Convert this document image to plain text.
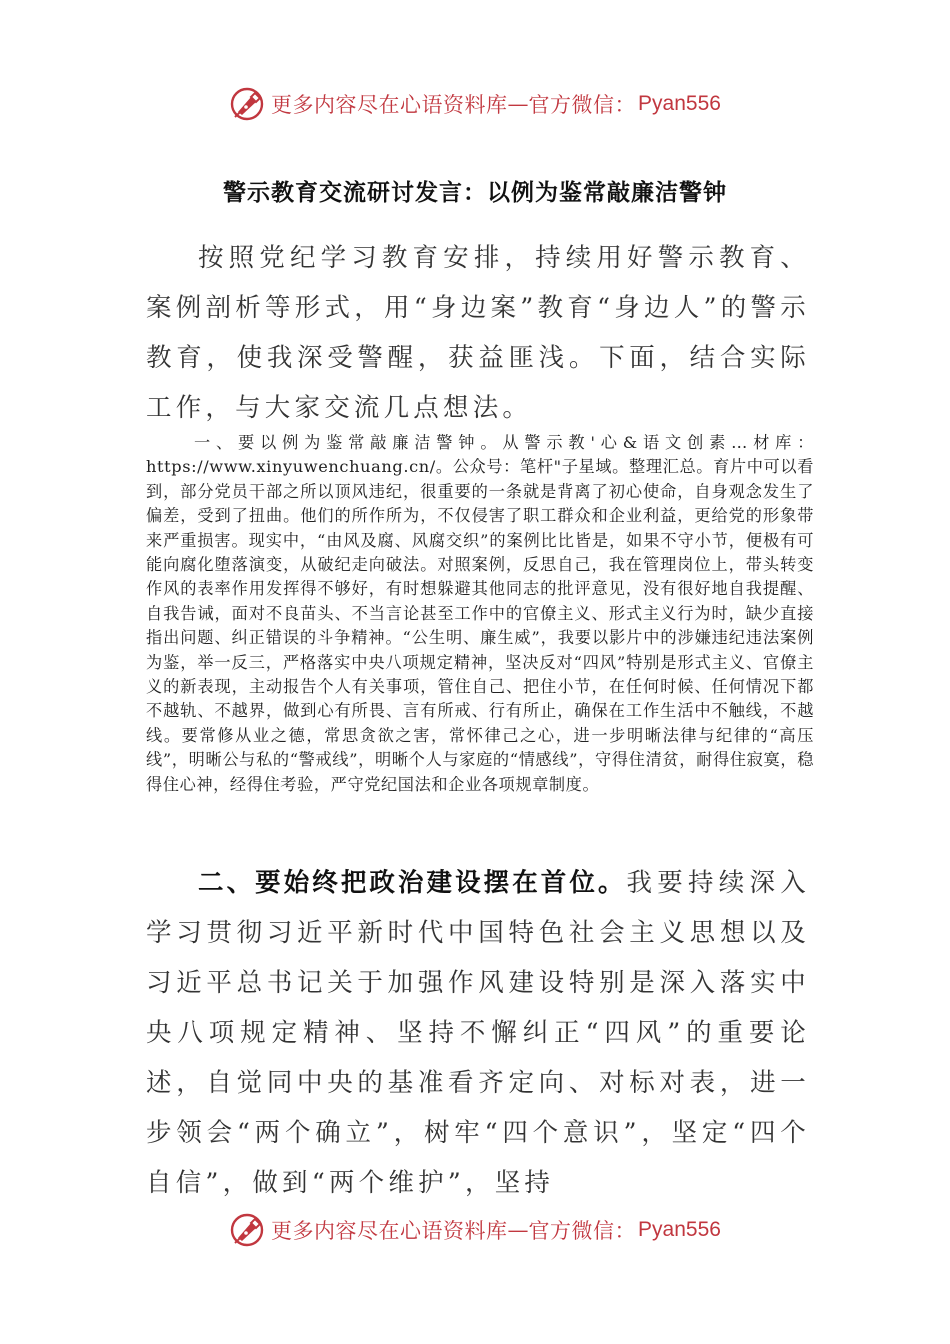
更多内容尽在心语资料库 — 官方微信： Pyan556
警示教育交流研讨发言：以例为鉴常敲廉洁警钟
按照党纪学习教育安排，持续用好警示教育、案例剖析等形式，用“身边案”教育“身边人”的警示教育，使我深受警醒，获益匪浅。下面，结合实际工作，与大家交流几点想法。
一、要以例为鉴常敲廉洁警钟。从警示教'心&语文创素…材库：https://www.xinyuwenchuang.cn/。公众号：笔杆"子星域。整理汇总。育片中可以看到，部分党员干部之所以顶风违纪，很重要的一条就是背离了初心使命，自身观念发生了偏差，受到了扭曲。他们的所作所为，不仅侵害了职工群众和企业利益，更给党的形象带来严重损害。现实中，“由风及腐、风腐交织”的案例比比皆是，如果不守小节，便极有可能向腐化堕落演变，从破纪走向破法。对照案例，反思自己，我在管理岗位上，带头转变作风的表率作用发挥得不够好，有时想躲避其他同志的批评意见，没有很好地自我提醒、自我告诫，面对不良苗头、不当言论甚至工作中的官僚主义、形式主义行为时，缺少直接指出问题、纠正错误的斗争精神。“公生明、廉生威”，我要以影片中的涉嫌违纪违法案例为鉴，举一反三，严格落实中央八项规定精神，坚决反对“四风”特别是形式主义、官僚主义的新表现，主动报告个人有关事项，管住自己、把住小节，在任何时候、任何情况下都不越轨、不越界，做到心有所畏、言有所戒、行有所止，确保在工作生活中不触线，不越线。要常修从业之德，常思贪欲之害，常怀律己之心，进一步明晰法律与纪律的“高压线”，明晰公与私的“警戒线”，明晰个人与家庭的“情感线”，守得住清贫，耐得住寂寞，稳得住心神，经得住考验，严守党纪国法和企业各项规章制度。
二、要始终把政治建设摆在首位。我要持续深入学习贯彻习近平新时代中国特色社会主义思想以及习近平总书记关于加强作风建设特别是深入落实中央八项规定精神、坚持不懈纠正“四风”的重要论述，自觉同中央的基准看齐定向、对标对表，进一步领会“两个确立”，树牢“四个意识”，坚定“四个自信”，做到“两个维护”，坚持
更多内容尽在心语资料库 — 官方微信： Pyan556
